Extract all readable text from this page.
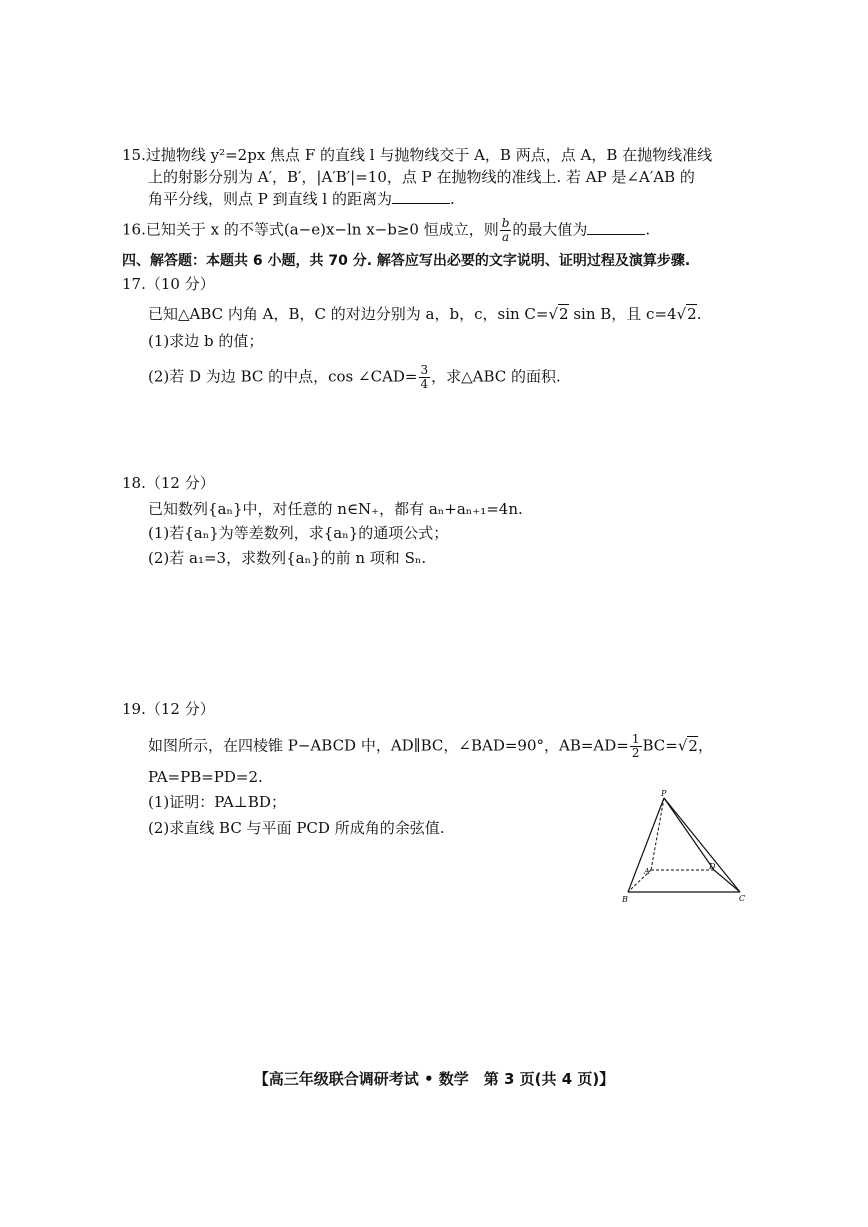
15.过抛物线 y²=2px 焦点 F 的直线 l 与抛物线交于 A，B 两点，点 A，B 在抛物线准线
上的射影分别为 A′，B′，|A′B′|=10，点 P 在抛物线的准线上. 若 AP 是∠A′AB 的
角平分线，则点 P 到直线 l 的距离为	.
16.已知关于 x 的不等式(a−e)x−ln x−b≥0 恒成立，则 $\frac{b}{a}$ 的最大值为	.
四、解答题：本题共 6 小题，共 70 分. 解答应写出必要的文字说明、证明过程及演算步骤.
17.（10 分）
已知△ABC 内角 A，B，C 的对边分别为 a，b，c，sin C=√2 sin B，且 c=4√2.
(1)求边 b 的值；
(2)若 D 为边 BC 的中点，cos ∠CAD= $\frac{3}{4}$ ，求△ABC 的面积.
18.（12 分）
已知数列{aₙ}中，对任意的 n∈N₊，都有 aₙ+aₙ₊₁=4n.
(1)若{aₙ}为等差数列，求{aₙ}的通项公式；
(2)若 a₁=3，求数列{aₙ}的前 n 项和 Sₙ.
19.（12 分）
如图所示，在四棱锥 P−ABCD 中，AD∥BC，∠BAD=90°，$AB=AD= \frac{1}{2} BC=√2$，
PA=PB=PD=2.
(1)证明：PA⊥BD；
(2)求直线 BC 与平面 PCD 所成角的余弦值.
P
A
D
B	C
【高三年级联合调研考试 • 数学　第 3 页(共 4 页)】
